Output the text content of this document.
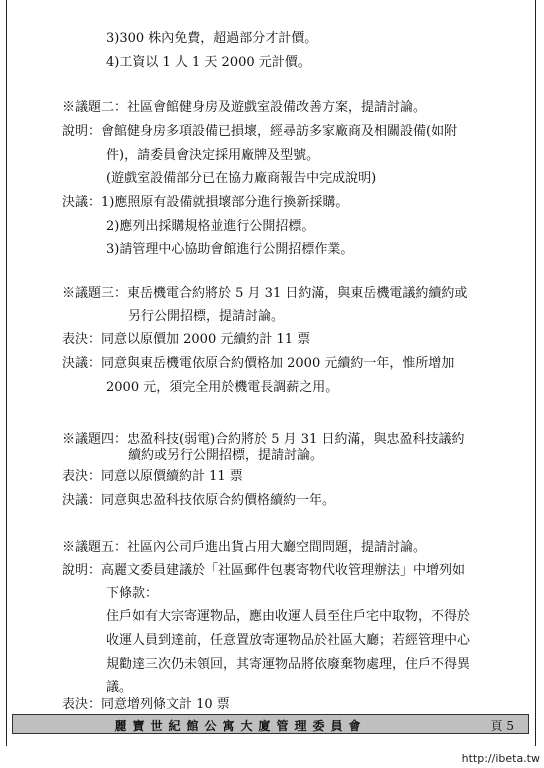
3)300 株內免費，超過部分才計價。
4)工資以 1 人 1 天 2000 元計價。
※議題二：社區會館健身房及遊戲室設備改善方案，提請討論。
說明：會館健身房多項設備已損壞，經尋訪多家廠商及相關設備(如附
件)，請委員會決定採用廠牌及型號。
(遊戲室設備部分已在協力廠商報告中完成說明)
決議：1)應照原有設備就損壞部分進行換新採購。
2)應列出採購規格並進行公開招標。
3)請管理中心協助會館進行公開招標作業。
※議題三：東岳機電合約將於 5 月 31 日約滿，與東岳機電議約續約或
另行公開招標，提請討論。
表決：同意以原價加 2000 元續約計 11 票
決議：同意與東岳機電依原合約價格加 2000 元續約一年，惟所增加
2000 元，須完全用於機電長調薪之用。
※議題四：忠盈科技(弱電)合約將於 5 月 31 日約滿，與忠盈科技議約
續約或另行公開招標，提請討論。
表決：同意以原價續約計 11 票
決議：同意與忠盈科技依原合約價格續約一年。
※議題五：社區內公司戶進出貨占用大廳空間問題，提請討論。
說明：高麗文委員建議於「社區郵件包裹寄物代收管理辦法」中增列如
下條款：
住戶如有大宗寄運物品，應由收運人員至住戶宅中取物，不得於
收運人員到達前，任意置放寄運物品於社區大廳；若經管理中心
規勸達三次仍未領回，其寄運物品將依廢棄物處理，住戶不得異
議。
表決：同意增列條文計 10 票
麗寶世紀館公寓大廈管理委員會	頁 5
http://ibeta.tw
